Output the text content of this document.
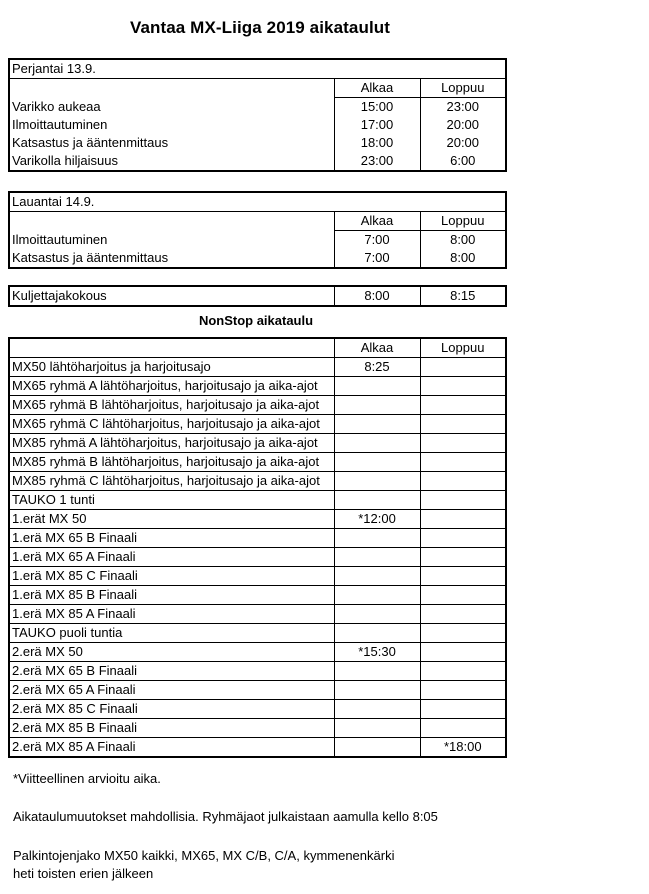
Vantaa MX-Liiga 2019 aikataulut
Perjantai 13.9.		
	Alkaa	Loppuu
Varikko aukeaa	15:00	23:00
Ilmoittautuminen	17:00	20:00
Katsastus ja ääntenmittaus	18:00	20:00
Varikolla hiljaisuus	23:00	6:00
Lauantai 14.9.		
	Alkaa	Loppuu
Ilmoittautuminen	7:00	8:00
Katsastus ja ääntenmittaus	7:00	8:00
Kuljettajakokous	8:00	8:15
NonStop aikataulu
	Alkaa	Loppuu
MX50 lähtöharjoitus ja harjoitusajo	8:25	
MX65 ryhmä A lähtöharjoitus, harjoitusajo ja aika-ajot		
MX65 ryhmä B lähtöharjoitus, harjoitusajo ja aika-ajot		
MX65 ryhmä C lähtöharjoitus, harjoitusajo ja aika-ajot		
MX85 ryhmä A lähtöharjoitus, harjoitusajo ja aika-ajot		
MX85 ryhmä B lähtöharjoitus, harjoitusajo ja aika-ajot		
MX85 ryhmä C lähtöharjoitus, harjoitusajo ja aika-ajot		
TAUKO 1 tunti		
1.erät MX 50	*12:00	
1.erä MX 65 B Finaali		
1.erä MX 65 A Finaali		
1.erä MX 85 C Finaali		
1.erä MX 85 B Finaali		
1.erä MX 85 A Finaali		
TAUKO puoli tuntia		
2.erä MX 50	*15:30	
2.erä MX 65 B Finaali		
2.erä MX 65 A Finaali		
2.erä MX 85 C Finaali		
2.erä MX 85 B Finaali		
2.erä MX 85 A Finaali		*18:00
*Viitteellinen arvioitu aika.
Aikataulumuutokset mahdollisia. Ryhmäjaot julkaistaan aamulla kello 8:05
Palkintojenjako MX50 kaikki, MX65, MX C/B, C/A, kymmenenkärki
heti toisten erien jälkeen
